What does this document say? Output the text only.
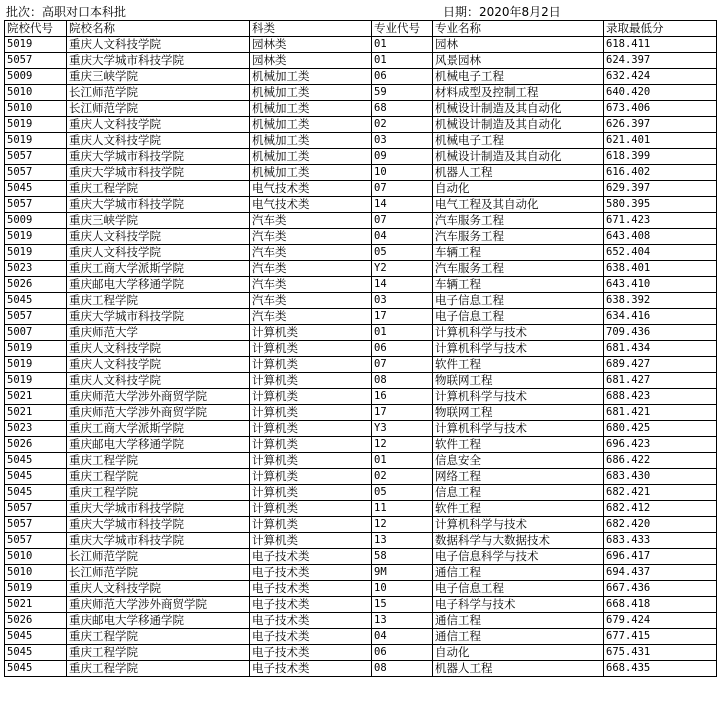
批次：高职对口本科批	日期：2020年8月2日
院校代号	院校名称	科类	专业代号	专业名称	录取最低分
5019	重庆人文科技学院	园林类	01	园林	618.411
5057	重庆大学城市科技学院	园林类	01	风景园林	624.397
5009	重庆三峡学院	机械加工类	06	机械电子工程	632.424
5010	长江师范学院	机械加工类	59	材料成型及控制工程	640.420
5010	长江师范学院	机械加工类	68	机械设计制造及其自动化	673.406
5019	重庆人文科技学院	机械加工类	02	机械设计制造及其自动化	626.397
5019	重庆人文科技学院	机械加工类	03	机械电子工程	621.401
5057	重庆大学城市科技学院	机械加工类	09	机械设计制造及其自动化	618.399
5057	重庆大学城市科技学院	机械加工类	10	机器人工程	616.402
5045	重庆工程学院	电气技术类	07	自动化	629.397
5057	重庆大学城市科技学院	电气技术类	14	电气工程及其自动化	580.395
5009	重庆三峡学院	汽车类	07	汽车服务工程	671.423
5019	重庆人文科技学院	汽车类	04	汽车服务工程	643.408
5019	重庆人文科技学院	汽车类	05	车辆工程	652.404
5023	重庆工商大学派斯学院	汽车类	Y2	汽车服务工程	638.401
5026	重庆邮电大学移通学院	汽车类	14	车辆工程	643.410
5045	重庆工程学院	汽车类	03	电子信息工程	638.392
5057	重庆大学城市科技学院	汽车类	17	电子信息工程	634.416
5007	重庆师范大学	计算机类	01	计算机科学与技术	709.436
5019	重庆人文科技学院	计算机类	06	计算机科学与技术	681.434
5019	重庆人文科技学院	计算机类	07	软件工程	689.427
5019	重庆人文科技学院	计算机类	08	物联网工程	681.427
5021	重庆师范大学涉外商贸学院	计算机类	16	计算机科学与技术	688.423
5021	重庆师范大学涉外商贸学院	计算机类	17	物联网工程	681.421
5023	重庆工商大学派斯学院	计算机类	Y3	计算机科学与技术	680.425
5026	重庆邮电大学移通学院	计算机类	12	软件工程	696.423
5045	重庆工程学院	计算机类	01	信息安全	686.422
5045	重庆工程学院	计算机类	02	网络工程	683.430
5045	重庆工程学院	计算机类	05	信息工程	682.421
5057	重庆大学城市科技学院	计算机类	11	软件工程	682.412
5057	重庆大学城市科技学院	计算机类	12	计算机科学与技术	682.420
5057	重庆大学城市科技学院	计算机类	13	数据科学与大数据技术	683.433
5010	长江师范学院	电子技术类	58	电子信息科学与技术	696.417
5010	长江师范学院	电子技术类	9M	通信工程	694.437
5019	重庆人文科技学院	电子技术类	10	电子信息工程	667.436
5021	重庆师范大学涉外商贸学院	电子技术类	15	电子科学与技术	668.418
5026	重庆邮电大学移通学院	电子技术类	13	通信工程	679.424
5045	重庆工程学院	电子技术类	04	通信工程	677.415
5045	重庆工程学院	电子技术类	06	自动化	675.431
5045	重庆工程学院	电子技术类	08	机器人工程	668.435
